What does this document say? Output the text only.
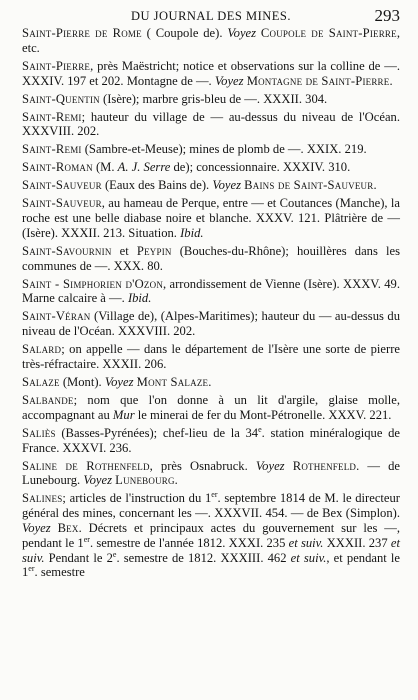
DU JOURNAL DES MINES.	293

Saint-Pierre de Rome ( Coupole de). Voyez Coupole de Saint-Pierre, etc.

Saint-Pierre, près Maëstricht; notice et observations sur la colline de —. XXXIV. 197 et 202. Montagne de —. Voyez Montagne de Saint-Pierre.

Saint-Quentin (Isère); marbre gris-bleu de —. XXXII. 304.

Saint-Remi; hauteur du village de — au-dessus du niveau de l'Océan. XXXVIII. 202.

Saint-Remi (Sambre-et-Meuse); mines de plomb de —. XXIX. 219.

Saint-Roman (M. A. J. Serre de); concessionnaire. XXXIV. 310.

Saint-Sauveur (Eaux des Bains de). Voyez Bains de Saint-Sauveur.

Saint-Sauveur, au hameau de Perque, entre — et Coutances (Manche), la roche est une belle diabase noire et blanche. XXXV. 121. Plâtrière de — (Isère). XXXII. 213. Situation. Ibid.

Saint-Savournin et Peypin (Bouches-du-Rhône); houillères dans les communes de —. XXX. 80.

Saint - Simphorien d'Ozon, arrondissement de Vienne (Isère). XXXV. 49. Marne calcaire à —. Ibid.

Saint-Véran (Village de), (Alpes-Maritimes); hauteur du — au-dessus du niveau de l'Océan. XXXVIII. 202.

Salard; on appelle — dans le département de l'Isère une sorte de pierre très-réfractaire. XXXII. 206.

Salaze (Mont). Voyez Mont Salaze.

Salbande; nom que l'on donne à un lit d'argile, glaise molle, accompagnant au Mur le minerai de fer du Mont-Pétronelle. XXXV. 221.

Saliès (Basses-Pyrénées); chef-lieu de la 34e. station minéralogique de France. XXXVI. 236.

Saline de Rothenfeld, près Osnabruck. Voyez Rothenfeld. — de Lunebourg. Voyez Lunebourg.

Salines; articles de l'instruction du 1er. septembre 1814 de M. le directeur général des mines, concernant les —. XXXVII. 454. — de Bex (Simplon). Voyez Bex. Décrets et principaux actes du gouvernement sur les —, pendant le 1er. semestre de l'année 1812. XXXI. 235 et suiv. XXXII. 237 et suiv. Pendant le 2e. semestre de 1812. XXXIII. 462 et suiv., et pendant le 1er. semestre
